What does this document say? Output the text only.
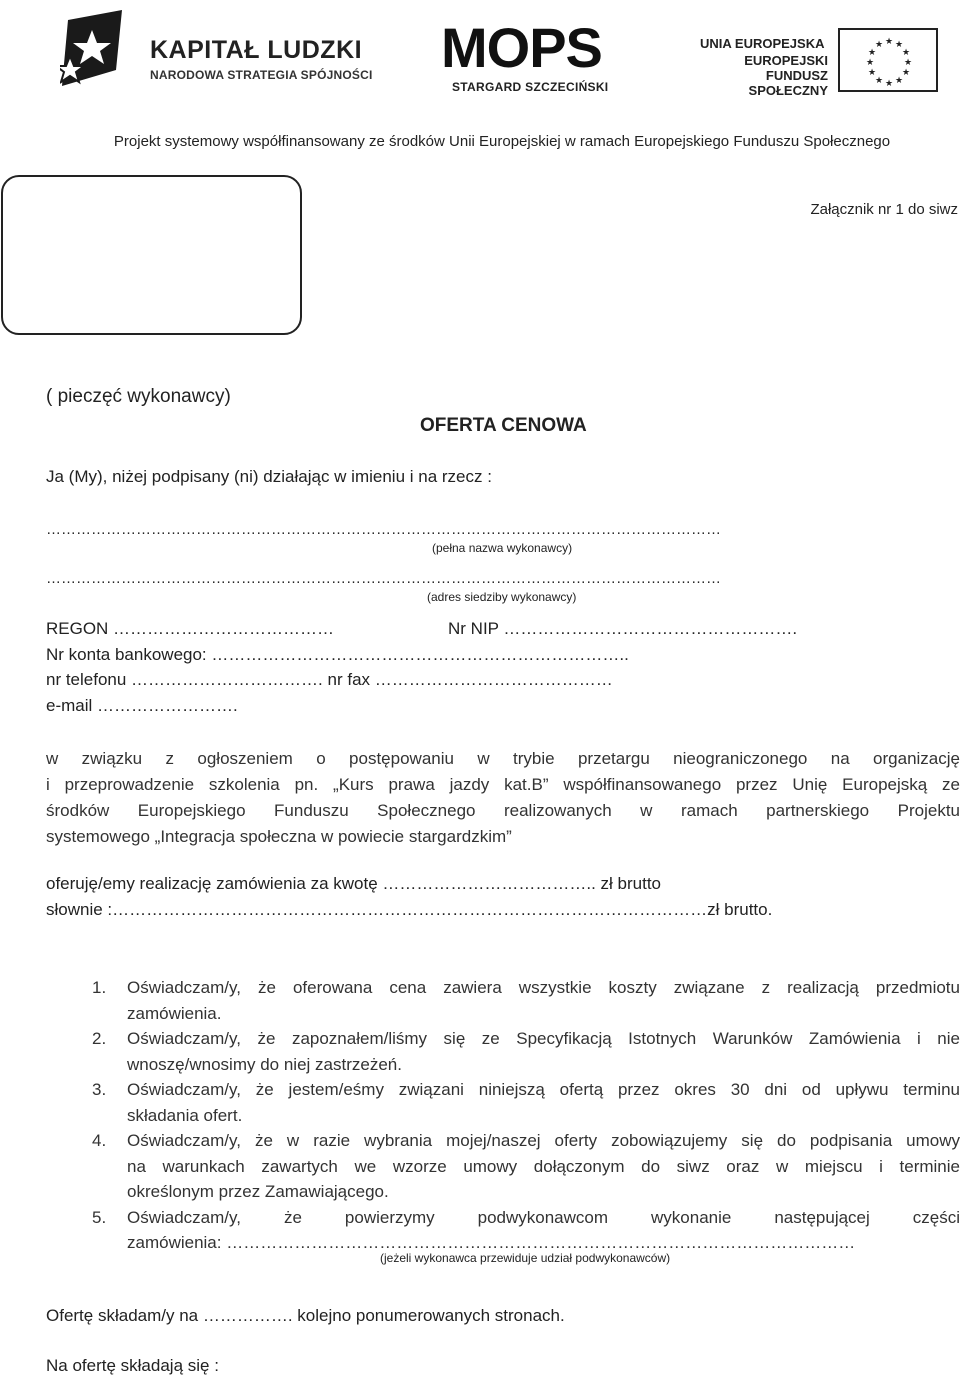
KAPITAŁ LUDZKI
NARODOWA STRATEGIA SPÓJNOŚCI MOPS
STARGARD SZCZECIŃSKI
UNIA EUROPEJSKA
EUROPEJSKI
FUNDUSZ SPOŁECZNY
★ ★
★
★
★
★
★
★
★
★
★
★
Projekt systemowy współfinansowany ze środków Unii Europejskiej w ramach Europejskiego Funduszu Społecznego
Załącznik nr 1 do siwz
( pieczęć wykonawcy)
OFERTA CENOWA
Ja (My), niżej podpisany (ni) działając w imieniu i na rzecz :
………………………………………………………………………………………………………………………
(pełna nazwa wykonawcy)
………………………………………………………………………………………………………………………
(adres siedziby wykonawcy)
REGON …………………………………	Nr NIP …………………………………………….
Nr konta bankowego: ………………………………………………………………..
nr telefonu ……………………………. nr fax ……………………………………
e-mail …………………….
w związku z ogłoszeniem o postępowaniu w trybie przetargu nieograniczonego na organizację
i przeprowadzenie szkolenia pn. „Kurs prawa jazdy kat.B” współfinansowanego przez Unię Europejską ze
środków Europejskiego Funduszu Społecznego realizowanych w ramach partnerskiego Projektu
systemowego „Integracja społeczna w powiecie stargardzkim”
oferuję/emy realizację zamówienia za kwotę ……………………………….. zł brutto
słownie :……………………………………………………………………………………………zł brutto.
1. Oświadczam/y, że oferowana cena zawiera wszystkie koszty związane z realizacją przedmiotu
zamówienia.
2. Oświadczam/y, że zapoznałem/liśmy się ze Specyfikacją Istotnych Warunków Zamówienia i nie
wnoszę/wnosimy do niej zastrzeżeń.
3. Oświadczam/y, że jestem/eśmy związani niniejszą ofertą przez okres 30 dni od upływu terminu
składania ofert.
4. Oświadczam/y, że w razie wybrania mojej/naszej oferty zobowiązujemy się do podpisania umowy
na warunkach zawartych we wzorze umowy dołączonym do siwz oraz w miejscu i terminie
określonym przez Zamawiającego.
5. Oświadczam/y, że powierzymy podwykonawcom wykonanie następującej części
zamówienia: …………………………………………………………………………………………………
(jeżeli wykonawca przewiduje udział podwykonawców)
Ofertę składam/y na ……………. kolejno ponumerowanych stronach.
Na ofertę składają się :
